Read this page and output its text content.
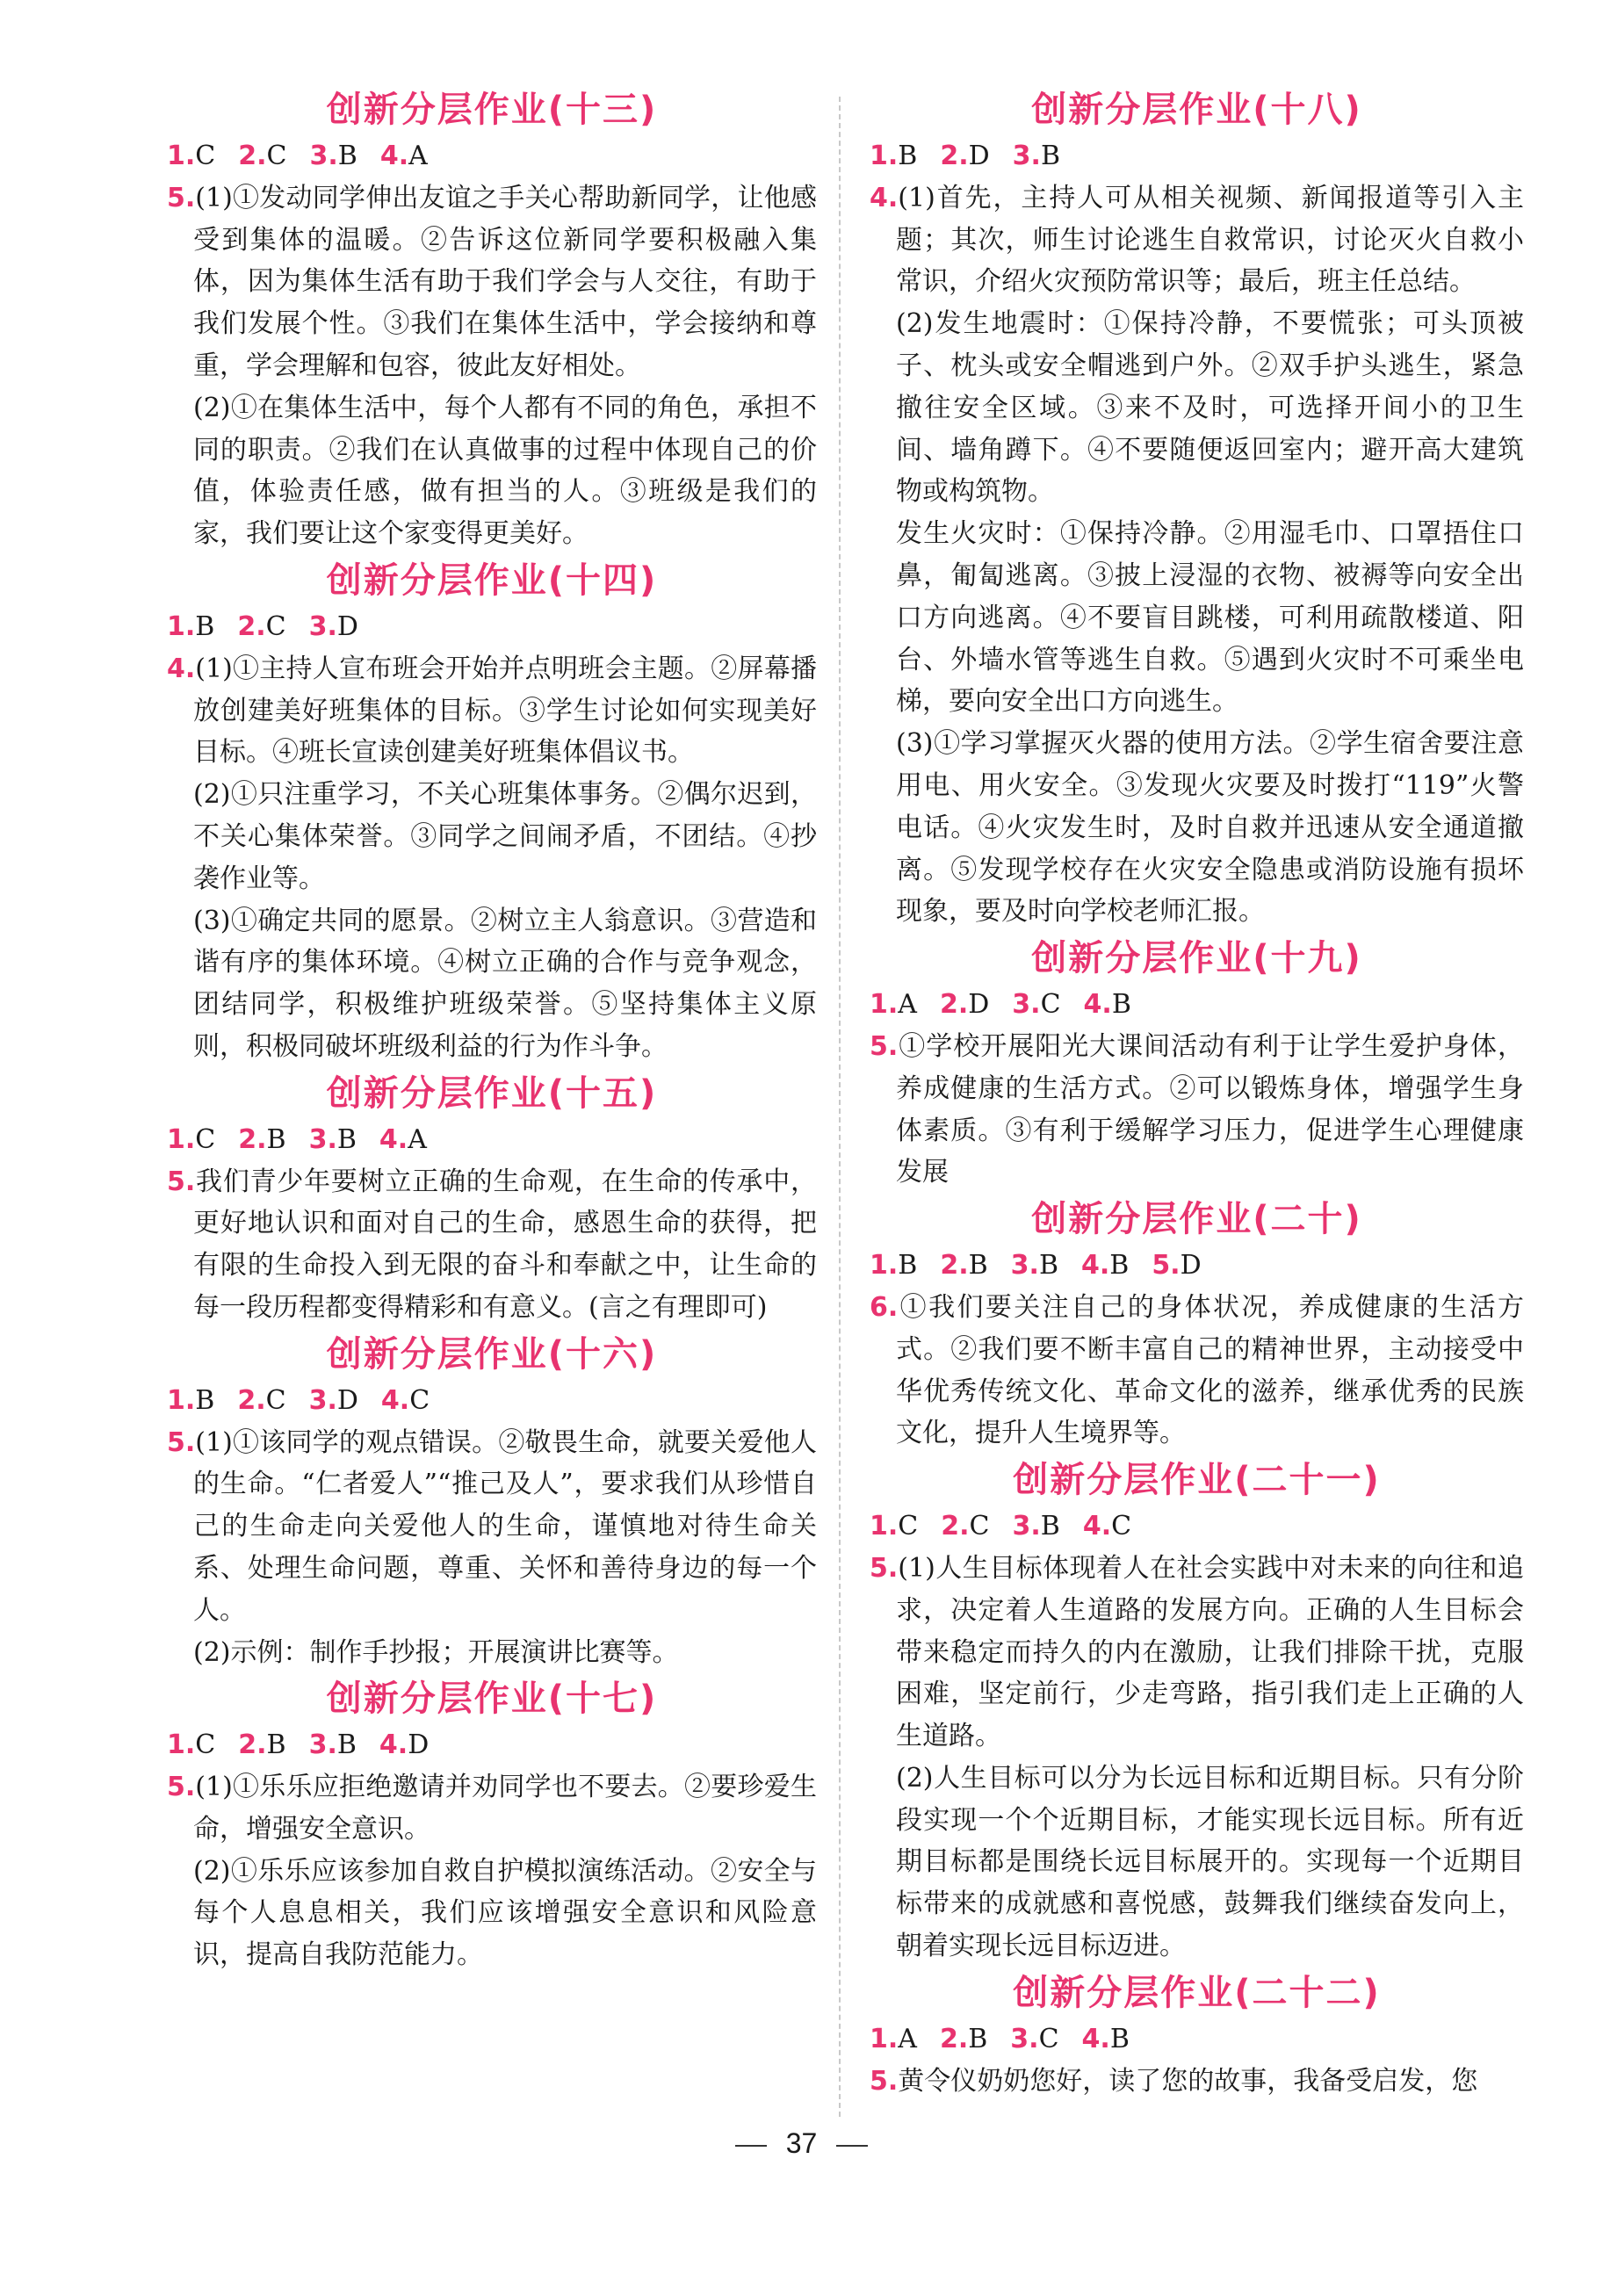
创新分层作业(十三)
1.C 2.C 3.B 4.A
5.(1)①发动同学伸出友谊之手关心帮助新同学，让他感受到集体的温暖。②告诉这位新同学要积极融入集体，因为集体生活有助于我们学会与人交往，有助于我们发展个性。③我们在集体生活中，学会接纳和尊重，学会理解和包容，彼此友好相处。
(2)①在集体生活中，每个人都有不同的角色，承担不同的职责。②我们在认真做事的过程中体现自己的价值，体验责任感，做有担当的人。③班级是我们的家，我们要让这个家变得更美好。
创新分层作业(十四)
1.B 2.C 3.D
4.(1)①主持人宣布班会开始并点明班会主题。②屏幕播放创建美好班集体的目标。③学生讨论如何实现美好目标。④班长宣读创建美好班集体倡议书。
(2)①只注重学习，不关心班集体事务。②偶尔迟到，不关心集体荣誉。③同学之间闹矛盾，不团结。④抄袭作业等。
(3)①确定共同的愿景。②树立主人翁意识。③营造和谐有序的集体环境。④树立正确的合作与竞争观念，团结同学，积极维护班级荣誉。⑤坚持集体主义原则，积极同破坏班级利益的行为作斗争。
创新分层作业(十五)
1.C 2.B 3.B 4.A
5.我们青少年要树立正确的生命观，在生命的传承中，更好地认识和面对自己的生命，感恩生命的获得，把有限的生命投入到无限的奋斗和奉献之中，让生命的每一段历程都变得精彩和有意义。(言之有理即可)
创新分层作业(十六)
1.B 2.C 3.D 4.C
5.(1)①该同学的观点错误。②敬畏生命，就要关爱他人的生命。“仁者爱人”“推己及人”，要求我们从珍惜自己的生命走向关爱他人的生命，谨慎地对待生命关系、处理生命问题，尊重、关怀和善待身边的每一个人。
(2)示例：制作手抄报；开展演讲比赛等。
创新分层作业(十七)
1.C 2.B 3.B 4.D
5.(1)①乐乐应拒绝邀请并劝同学也不要去。②要珍爱生命，增强安全意识。
(2)①乐乐应该参加自救自护模拟演练活动。②安全与每个人息息相关，我们应该增强安全意识和风险意识，提高自我防范能力。
创新分层作业(十八)
1.B 2.D 3.B
4.(1)首先，主持人可从相关视频、新闻报道等引入主题；其次，师生讨论逃生自救常识，讨论灭火自救小常识，介绍火灾预防常识等；最后，班主任总结。
(2)发生地震时：①保持冷静，不要慌张；可头顶被子、枕头或安全帽逃到户外。②双手护头逃生，紧急撤往安全区域。③来不及时，可选择开间小的卫生间、墙角蹲下。④不要随便返回室内；避开高大建筑物或构筑物。
发生火灾时：①保持冷静。②用湿毛巾、口罩捂住口鼻，匍匐逃离。③披上浸湿的衣物、被褥等向安全出口方向逃离。④不要盲目跳楼，可利用疏散楼道、阳台、外墙水管等逃生自救。⑤遇到火灾时不可乘坐电梯，要向安全出口方向逃生。
(3)①学习掌握灭火器的使用方法。②学生宿舍要注意用电、用火安全。③发现火灾要及时拨打“119”火警电话。④火灾发生时，及时自救并迅速从安全通道撤离。⑤发现学校存在火灾安全隐患或消防设施有损坏现象，要及时向学校老师汇报。
创新分层作业(十九)
1.A 2.D 3.C 4.B
5.①学校开展阳光大课间活动有利于让学生爱护身体，养成健康的生活方式。②可以锻炼身体，增强学生身体素质。③有利于缓解学习压力，促进学生心理健康发展
创新分层作业(二十)
1.B 2.B 3.B 4.B 5.D
6.①我们要关注自己的身体状况，养成健康的生活方式。②我们要不断丰富自己的精神世界，主动接受中华优秀传统文化、革命文化的滋养，继承优秀的民族文化，提升人生境界等。
创新分层作业(二十一)
1.C 2.C 3.B 4.C
5.(1)人生目标体现着人在社会实践中对未来的向往和追求，决定着人生道路的发展方向。正确的人生目标会带来稳定而持久的内在激励，让我们排除干扰，克服困难，坚定前行，少走弯路，指引我们走上正确的人生道路。
(2)人生目标可以分为长远目标和近期目标。只有分阶段实现一个个近期目标，才能实现长远目标。所有近期目标都是围绕长远目标展开的。实现每一个近期目标带来的成就感和喜悦感，鼓舞我们继续奋发向上，朝着实现长远目标迈进。
创新分层作业(二十二)
1.A 2.B 3.C 4.B
5.黄令仪奶奶您好，读了您的故事，我备受启发，您
37
